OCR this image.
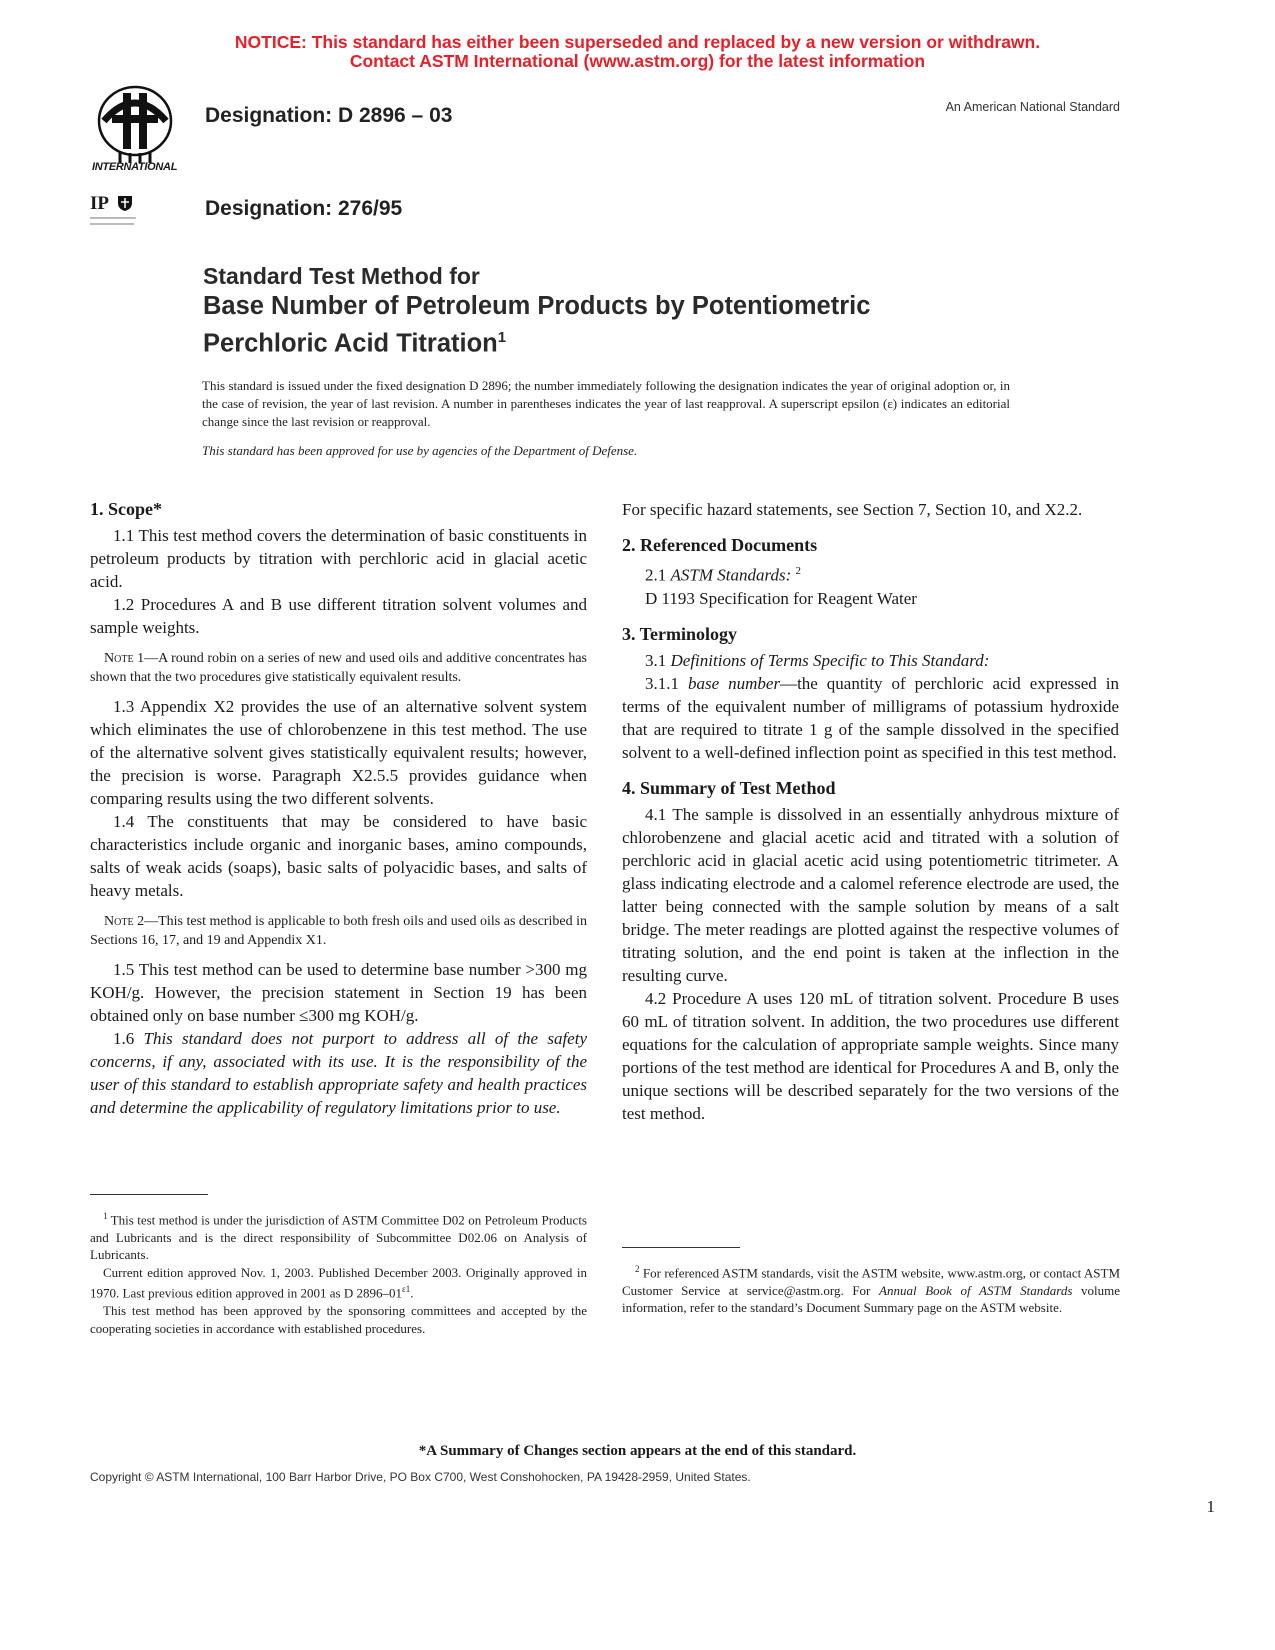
NOTICE: This standard has either been superseded and replaced by a new version or withdrawn.
Contact ASTM International (www.astm.org) for the latest information
INTERNATIONAL
IP
Designation: D 2896 – 03
Designation: 276/95
An American National Standard
Standard Test Method for
Base Number of Petroleum Products by Potentiometric
Perchloric Acid Titration$^1$
This standard is issued under the fixed designation D 2896; the number immediately following the designation indicates the year of original adoption or, in the case of revision, the year of last revision. A number in parentheses indicates the year of last reapproval. A superscript epsilon (ε) indicates an editorial change since the last revision or reapproval.
This standard has been approved for use by agencies of the Department of Defense.
1. Scope*

1.1 This test method covers the determination of basic constituents in petroleum products by titration with perchloric acid in glacial acetic acid.

1.2 Procedures A and B use different titration solvent volumes and sample weights.

Note 1—A round robin on a series of new and used oils and additive concentrates has shown that the two procedures give statistically equivalent results.

1.3 Appendix X2 provides the use of an alternative solvent system which eliminates the use of chlorobenzene in this test method. The use of the alternative solvent gives statistically equivalent results; however, the precision is worse. Paragraph X2.5.5 provides guidance when comparing results using the two different solvents.

1.4 The constituents that may be considered to have basic characteristics include organic and inorganic bases, amino compounds, salts of weak acids (soaps), basic salts of polyacidic bases, and salts of heavy metals.

Note 2—This test method is applicable to both fresh oils and used oils as described in Sections 16, 17, and 19 and Appendix X1.

1.5 This test method can be used to determine base number >300 mg KOH/g. However, the precision statement in Section 19 has been obtained only on base number ≤300 mg KOH/g.

1.6 This standard does not purport to address all of the safety concerns, if any, associated with its use. It is the responsibility of the user of this standard to establish appropriate safety and health practices and determine the applicability of regulatory limitations prior to use.

For specific hazard statements, see Section 7, Section 10, and X2.2.

2. Referenced Documents

2.1 ASTM Standards: $^2$

D 1193 Specification for Reagent Water

3. Terminology

3.1 Definitions of Terms Specific to This Standard:

3.1.1 base number—the quantity of perchloric acid expressed in terms of the equivalent number of milligrams of potassium hydroxide that are required to titrate 1 g of the sample dissolved in the specified solvent to a well-defined inflection point as specified in this test method.

4. Summary of Test Method

4.1 The sample is dissolved in an essentially anhydrous mixture of chlorobenzene and glacial acetic acid and titrated with a solution of perchloric acid in glacial acetic acid using potentiometric titrimeter. A glass indicating electrode and a calomel reference electrode are used, the latter being connected with the sample solution by means of a salt bridge. The meter readings are plotted against the respective volumes of titrating solution, and the end point is taken at the inflection in the resulting curve.

4.2 Procedure A uses 120 mL of titration solvent. Procedure B uses 60 mL of titration solvent. In addition, the two procedures use different equations for the calculation of appropriate sample weights. Since many portions of the test method are identical for Procedures A and B, only the unique sections will be described separately for the two versions of the test method.

$^1$ This test method is under the jurisdiction of ASTM Committee D02 on Petroleum Products and Lubricants and is the direct responsibility of Subcommittee D02.06 on Analysis of Lubricants.

Current edition approved Nov. 1, 2003. Published December 2003. Originally approved in 1970. Last previous edition approved in 2001 as D $2896-01^{\varepsilon 1}$.

This test method has been approved by the sponsoring committees and accepted by the cooperating societies in accordance with established procedures.

$^2$ For referenced ASTM standards, visit the ASTM website, www.astm.org, or contact ASTM Customer Service at service@astm.org. For Annual Book of ASTM Standards volume information, refer to the standard’s Document Summary page on the ASTM website.

*A Summary of Changes section appears at the end of this standard.
Copyright © ASTM International, 100 Barr Harbor Drive, PO Box C700, West Conshohocken, PA 19428-2959, United States.
1
